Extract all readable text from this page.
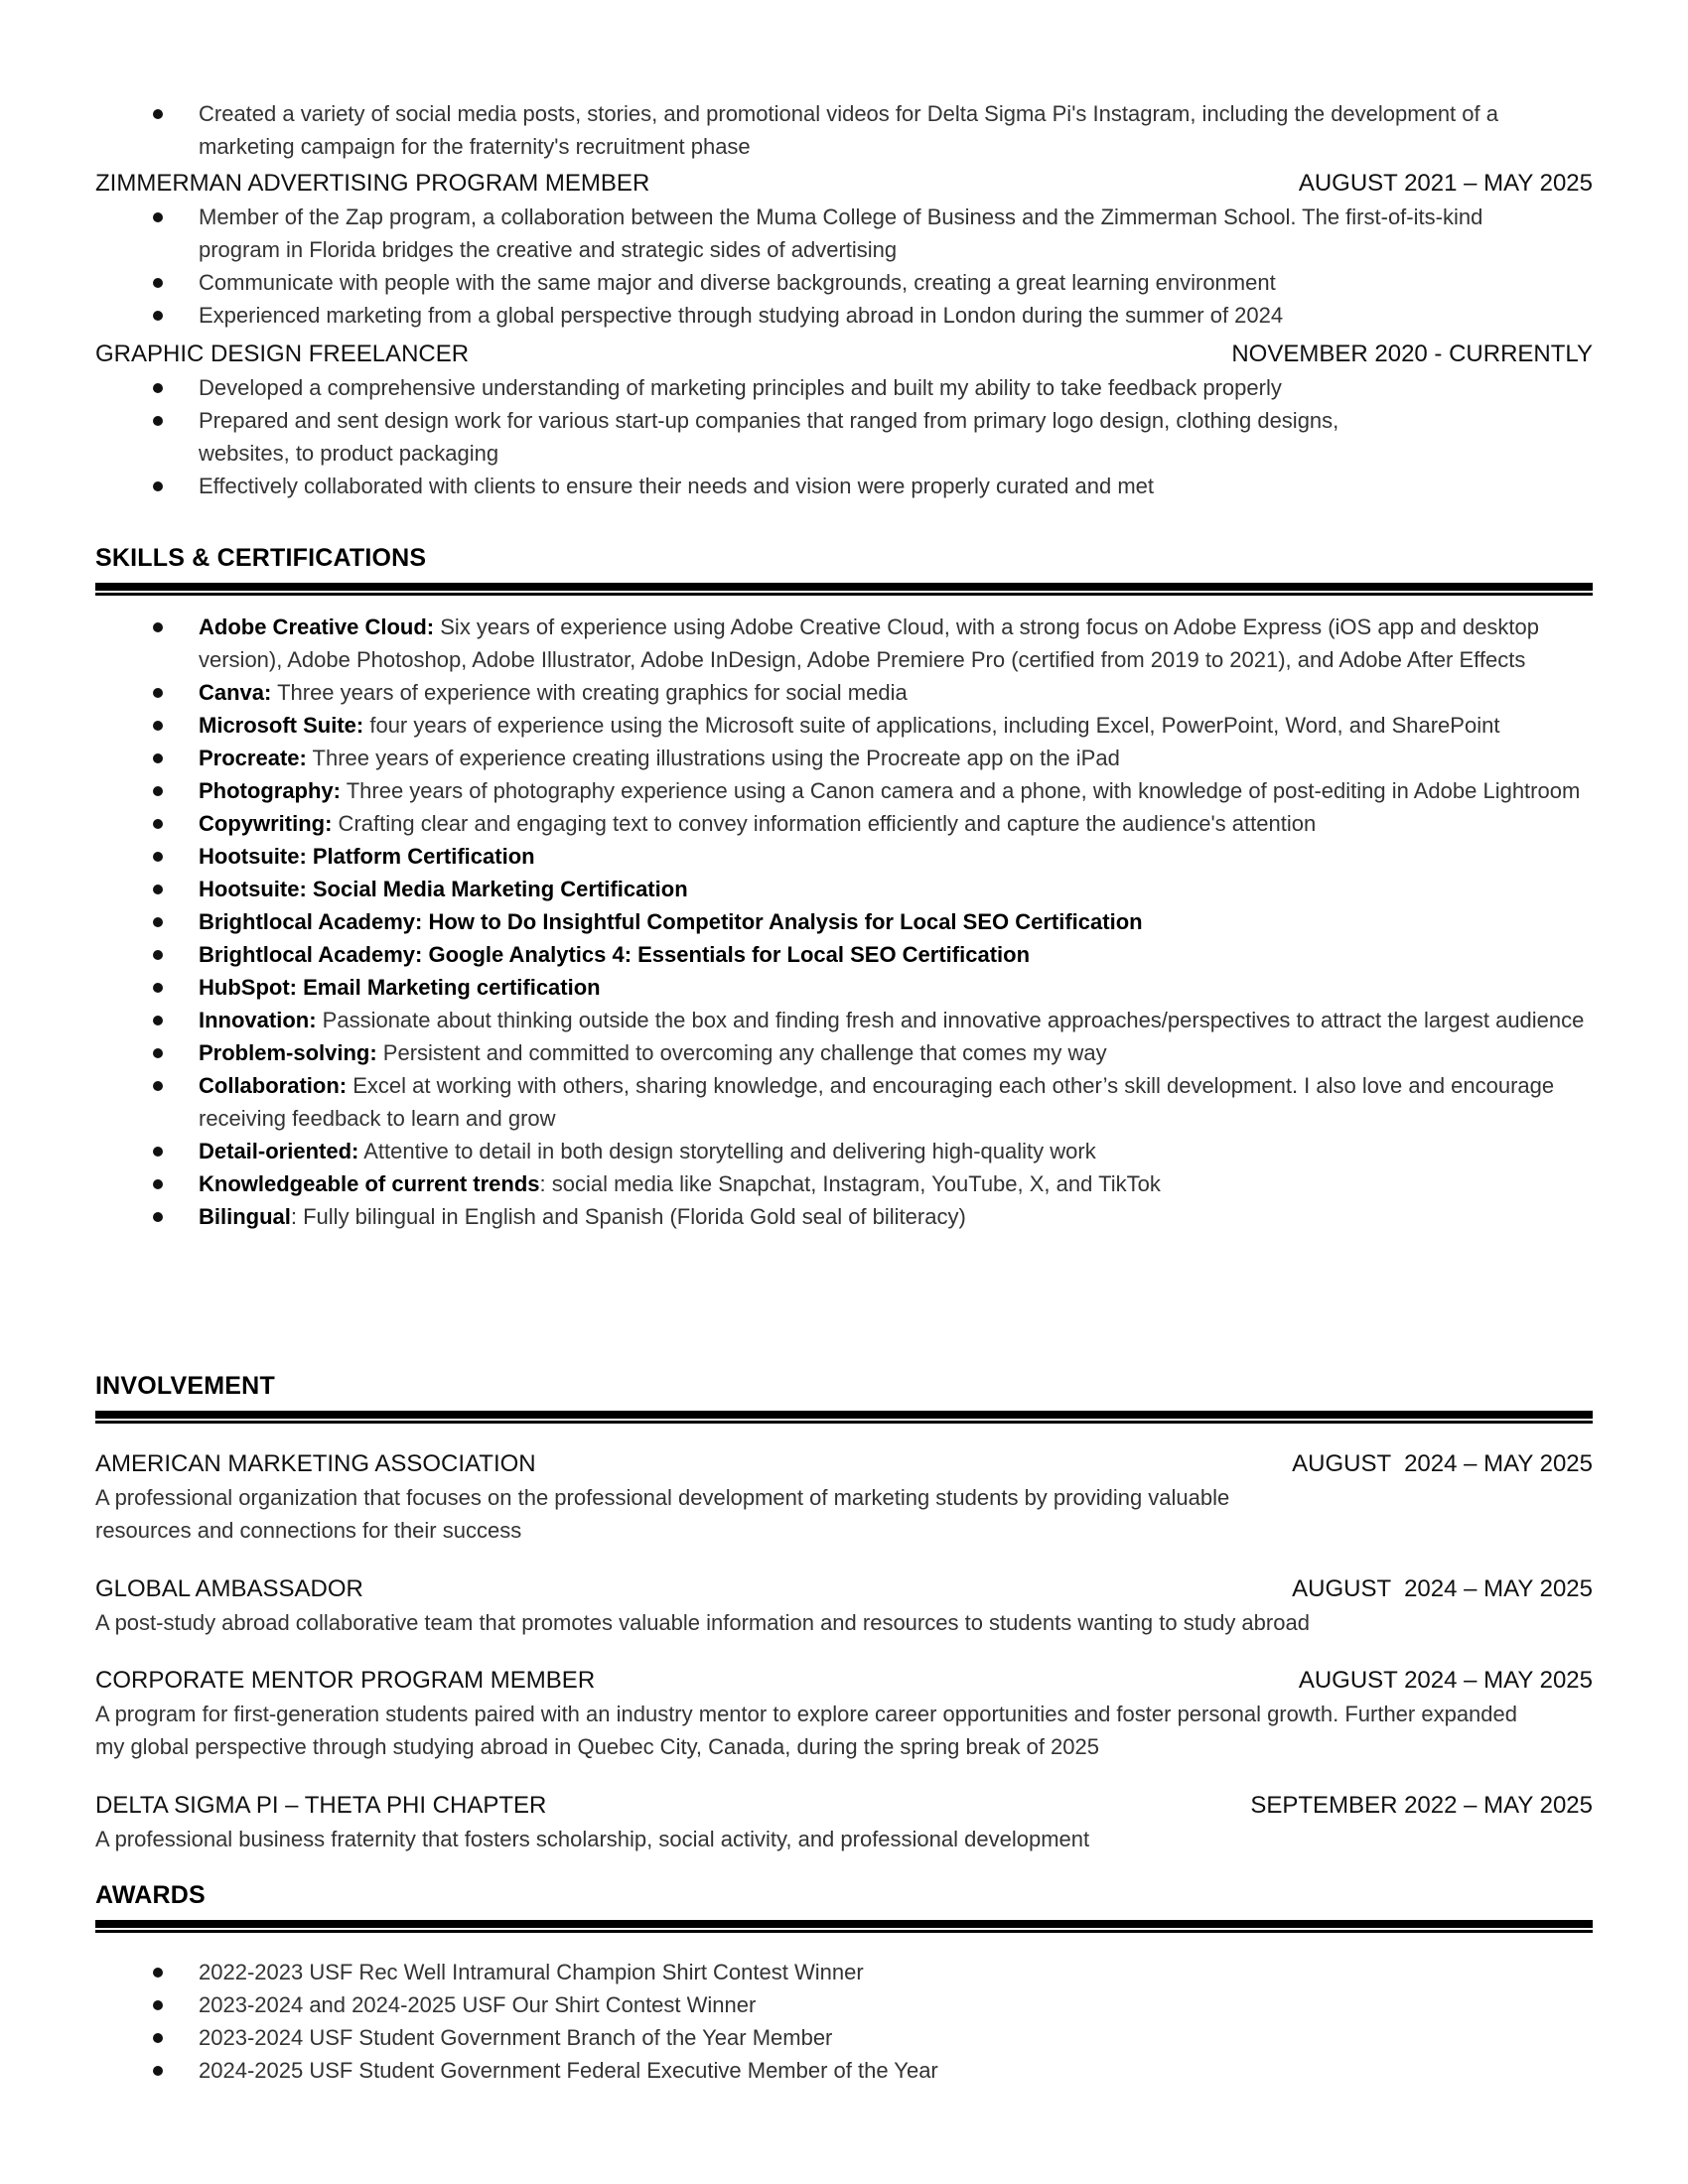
Created a variety of social media posts, stories, and promotional videos for Delta Sigma Pi's Instagram, including the development of a marketing campaign for the fraternity's recruitment phase
ZIMMERMAN ADVERTISING PROGRAM MEMBER	AUGUST 2021 – MAY 2025
Member of the Zap program, a collaboration between the Muma College of Business and the Zimmerman School. The first-of-its-kind program in Florida bridges the creative and strategic sides of advertising
Communicate with people with the same major and diverse backgrounds, creating a great learning environment
Experienced marketing from a global perspective through studying abroad in London during the summer of 2024
GRAPHIC DESIGN FREELANCER	NOVEMBER 2020 - CURRENTLY
Developed a comprehensive understanding of marketing principles and built my ability to take feedback properly
Prepared and sent design work for various start-up companies that ranged from primary logo design, clothing designs, websites, to product packaging
Effectively collaborated with clients to ensure their needs and vision were properly curated and met
SKILLS & CERTIFICATIONS
Adobe Creative Cloud: Six years of experience using Adobe Creative Cloud, with a strong focus on Adobe Express (iOS app and desktop version), Adobe Photoshop, Adobe Illustrator, Adobe InDesign, Adobe Premiere Pro (certified from 2019 to 2021), and Adobe After Effects
Canva: Three years of experience with creating graphics for social media
Microsoft Suite: four years of experience using the Microsoft suite of applications, including Excel, PowerPoint, Word, and SharePoint
Procreate: Three years of experience creating illustrations using the Procreate app on the iPad
Photography: Three years of photography experience using a Canon camera and a phone, with knowledge of post-editing in Adobe Lightroom
Copywriting: Crafting clear and engaging text to convey information efficiently and capture the audience's attention
Hootsuite: Platform Certification
Hootsuite: Social Media Marketing Certification
Brightlocal Academy: How to Do Insightful Competitor Analysis for Local SEO Certification
Brightlocal Academy: Google Analytics 4: Essentials for Local SEO Certification
HubSpot: Email Marketing certification
Innovation: Passionate about thinking outside the box and finding fresh and innovative approaches/perspectives to attract the largest audience
Problem-solving: Persistent and committed to overcoming any challenge that comes my way
Collaboration: Excel at working with others, sharing knowledge, and encouraging each other’s skill development. I also love and encourage receiving feedback to learn and grow
Detail-oriented: Attentive to detail in both design storytelling and delivering high-quality work
Knowledgeable of current trends: social media like Snapchat, Instagram, YouTube, X, and TikTok
Bilingual: Fully bilingual in English and Spanish (Florida Gold seal of biliteracy)
INVOLVEMENT
AMERICAN MARKETING ASSOCIATION	AUGUST  2024 – MAY 2025
A professional organization that focuses on the professional development of marketing students by providing valuable resources and connections for their success
GLOBAL AMBASSADOR	AUGUST  2024 – MAY 2025
A post-study abroad collaborative team that promotes valuable information and resources to students wanting to study abroad
CORPORATE MENTOR PROGRAM MEMBER	AUGUST 2024 – MAY 2025
A program for first-generation students paired with an industry mentor to explore career opportunities and foster personal growth. Further expanded my global perspective through studying abroad in Quebec City, Canada, during the spring break of 2025
DELTA SIGMA PI – THETA PHI CHAPTER	SEPTEMBER 2022 – MAY 2025
A professional business fraternity that fosters scholarship, social activity, and professional development
AWARDS
2022-2023 USF Rec Well Intramural Champion Shirt Contest Winner
2023-2024 and 2024-2025 USF Our Shirt Contest Winner
2023-2024 USF Student Government Branch of the Year Member
2024-2025 USF Student Government Federal Executive Member of the Year
